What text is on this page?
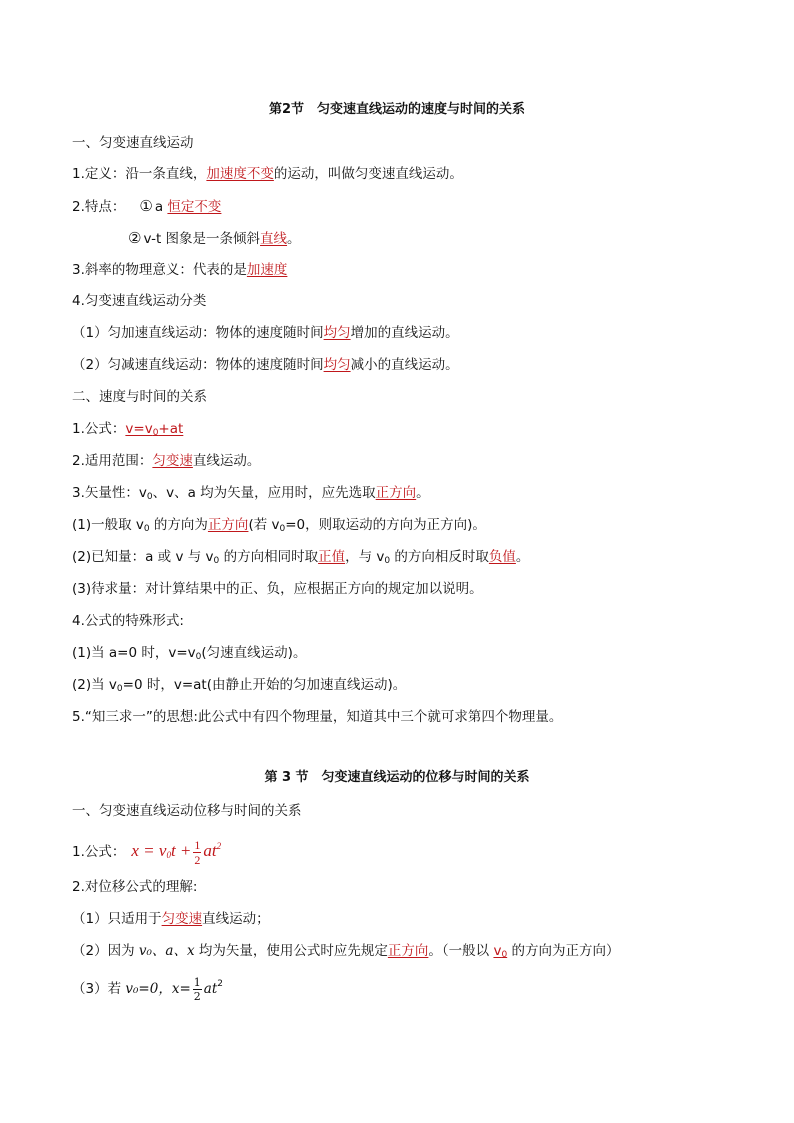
第2节　匀变速直线运动的速度与时间的关系
一、匀变速直线运动
1.定义：沿一条直线，加速度不变的运动，叫做匀变速直线运动。
2.特点： ① a 恒定不变
② v-t 图象是一条倾斜直线。
3.斜率的物理意义：代表的是加速度
4.匀变速直线运动分类
（1）匀加速直线运动：物体的速度随时间均匀增加的直线运动。
（2）匀减速直线运动：物体的速度随时间均匀减小的直线运动。
二、速度与时间的关系
1.公式：$v=v_0+at$
2.适用范围：匀变速直线运动。
3.矢量性：$v_0$、v、a 均为矢量，应用时，应先选取正方向。
(1)一般取 $v_0$ 的方向为正方向(若 $v_0=0$，则取运动的方向为正方向)。
(2)已知量：a 或 v 与 $v_0$ 的方向相同时取正值，与 $v_0$ 的方向相反时取负值。
(3)待求量：对计算结果中的正、负，应根据正方向的规定加以说明。
4.公式的特殊形式:
(1)当 a=0 时，$v=v_0$(匀速直线运动)。
(2)当 $v_0=0$ 时，v=at(由静止开始的匀加速直线运动)。
5.“知三求一”的思想:此公式中有四个物理量，知道其中三个就可求第四个物理量。
第 3 节　匀变速直线运动的位移与时间的关系
一、匀变速直线运动位移与时间的关系
1.公式： $x = v_0t + \frac{1}{2} at^2$
2.对位移公式的理解:
（1）只适用于匀变速直线运动；
（2）因为 v₀、a、x 均为矢量，使用公式时应先规定正方向。（一般以 $v_0$ 的方向为正方向）
（3）若 v₀=0，$x= \frac{1}{2} at^2$
